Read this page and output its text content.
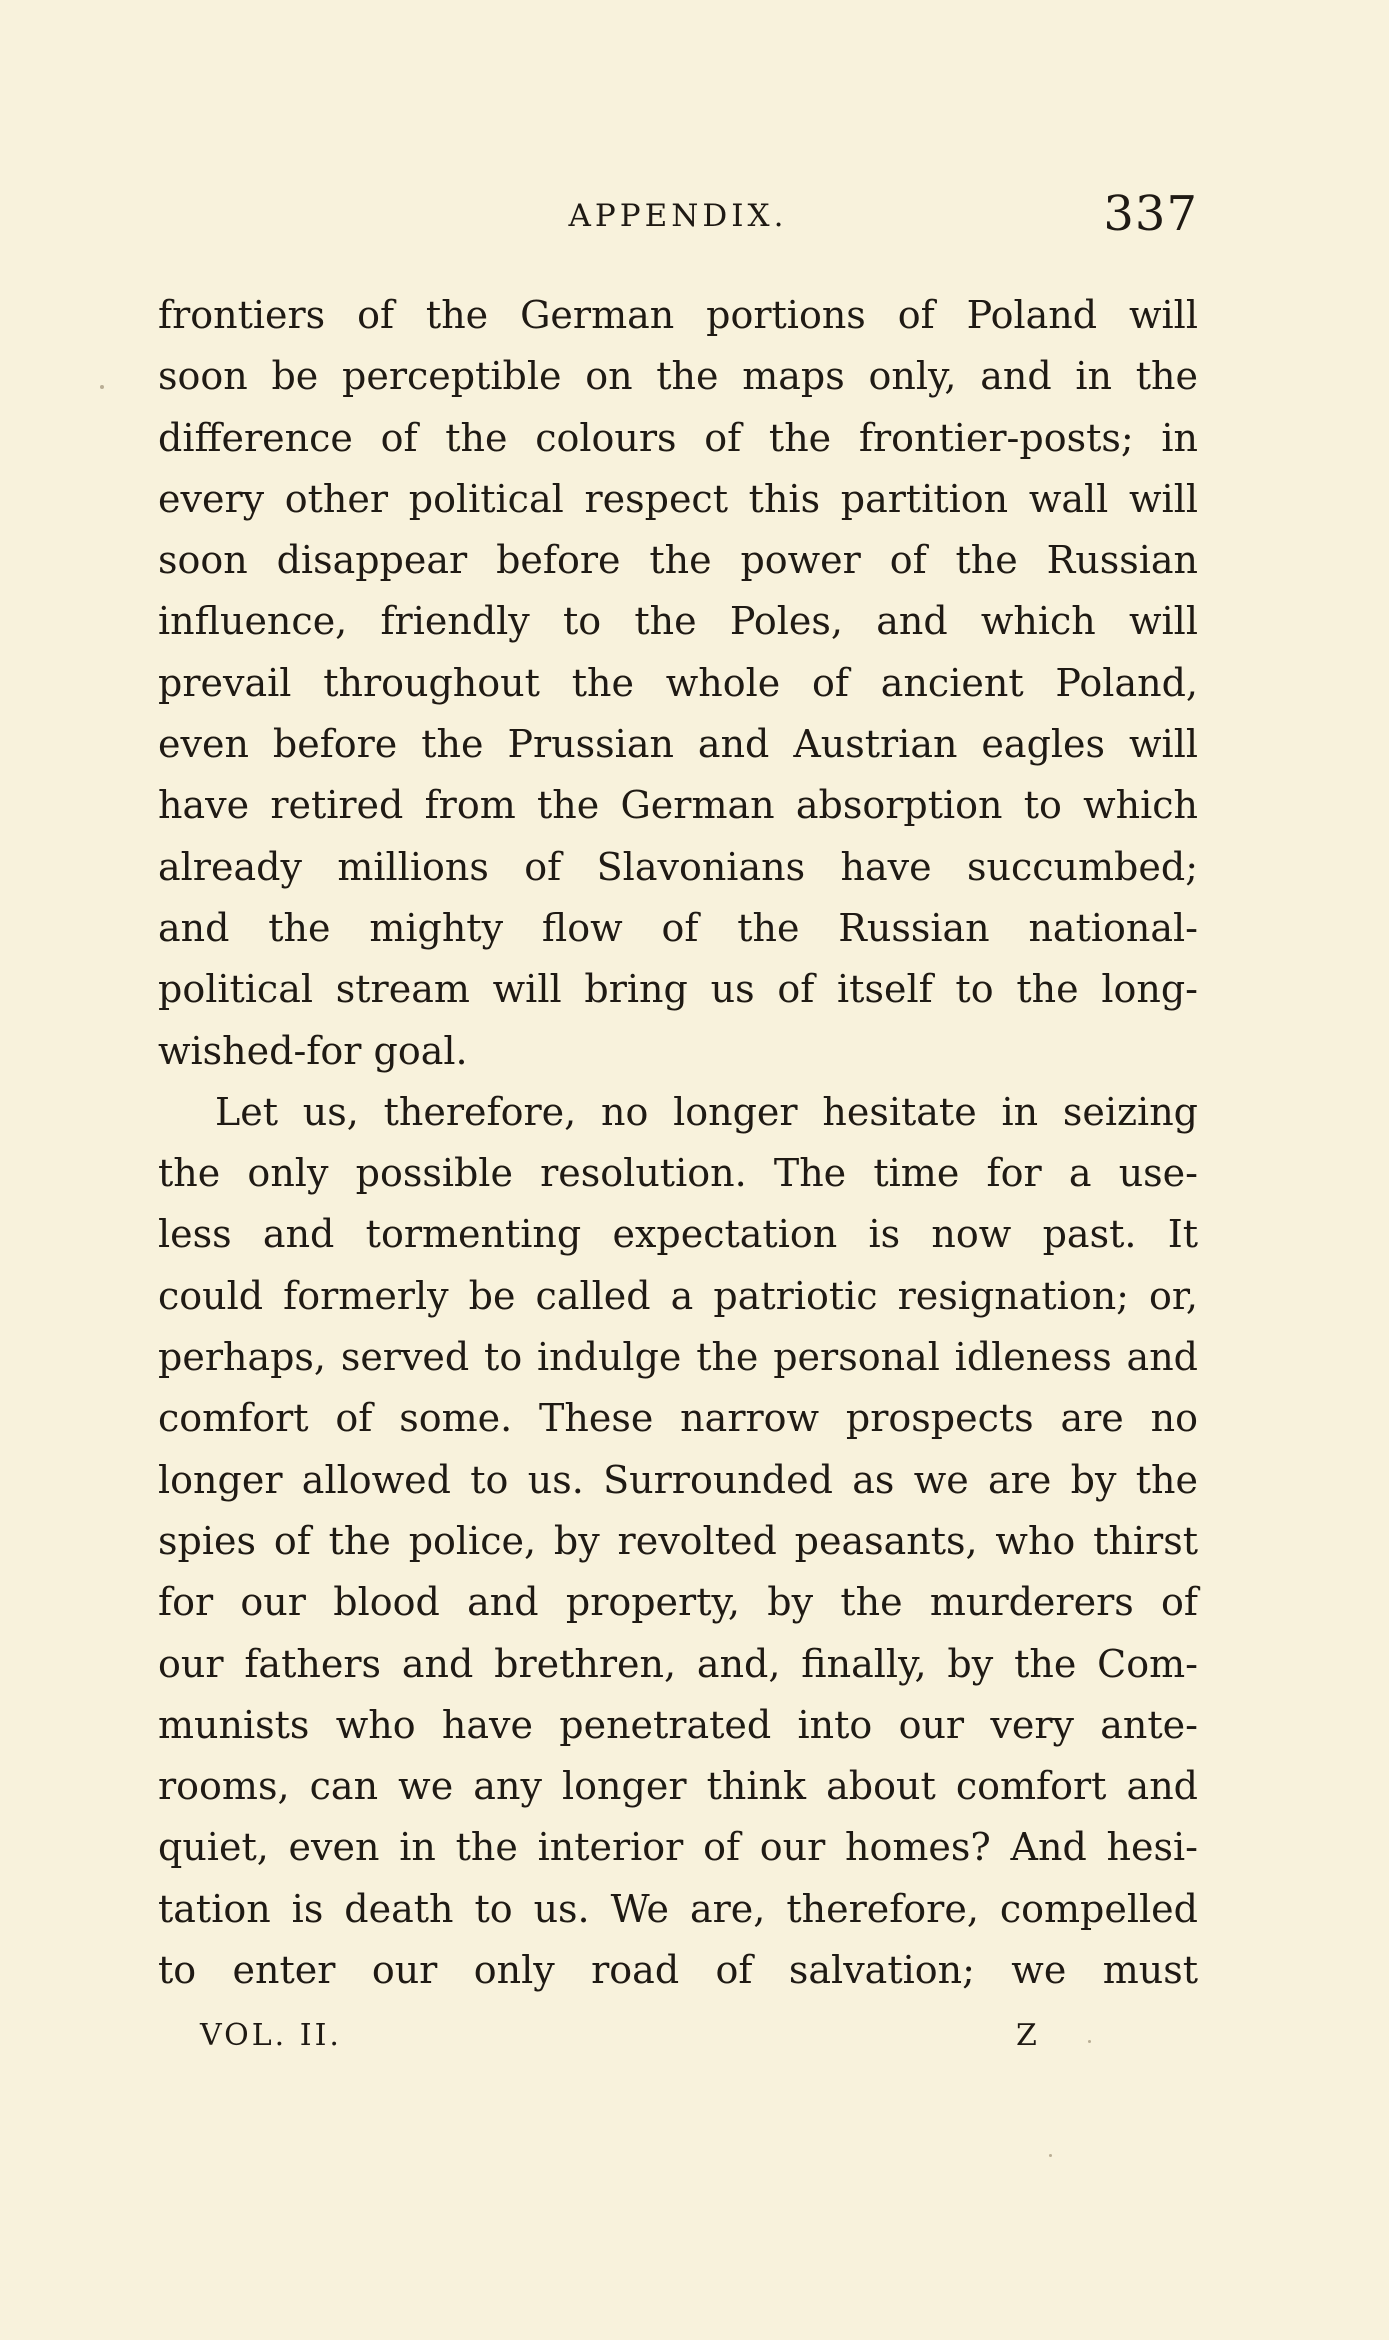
APPENDIX.	337
frontiers of the German portions of Poland will
soon be perceptible on the maps only, and in the
difference of the colours of the frontier-posts; in
every other political respect this partition wall will
soon disappear before the power of the Russian
influence, friendly to the Poles, and which will
prevail throughout the whole of ancient Poland,
even before the Prussian and Austrian eagles will
have retired from the German absorption to which
already millions of Slavonians have succumbed;
and the mighty flow of the Russian national-
political stream will bring us of itself to the long-
wished-for goal.
Let us, therefore, no longer hesitate in seizing
the only possible resolution. The time for a use-
less and tormenting expectation is now past. It
could formerly be called a patriotic resignation; or,
perhaps, served to indulge the personal idleness and
comfort of some. These narrow prospects are no
longer allowed to us. Surrounded as we are by the
spies of the police, by revolted peasants, who thirst
for our blood and property, by the murderers of
our fathers and brethren, and, finally, by the Com-
munists who have penetrated into our very ante-
rooms, can we any longer think about comfort and
quiet, even in the interior of our homes? And hesi-
tation is death to us. We are, therefore, compelled
to enter our only road of salvation; we must
VOL. II.	Z
